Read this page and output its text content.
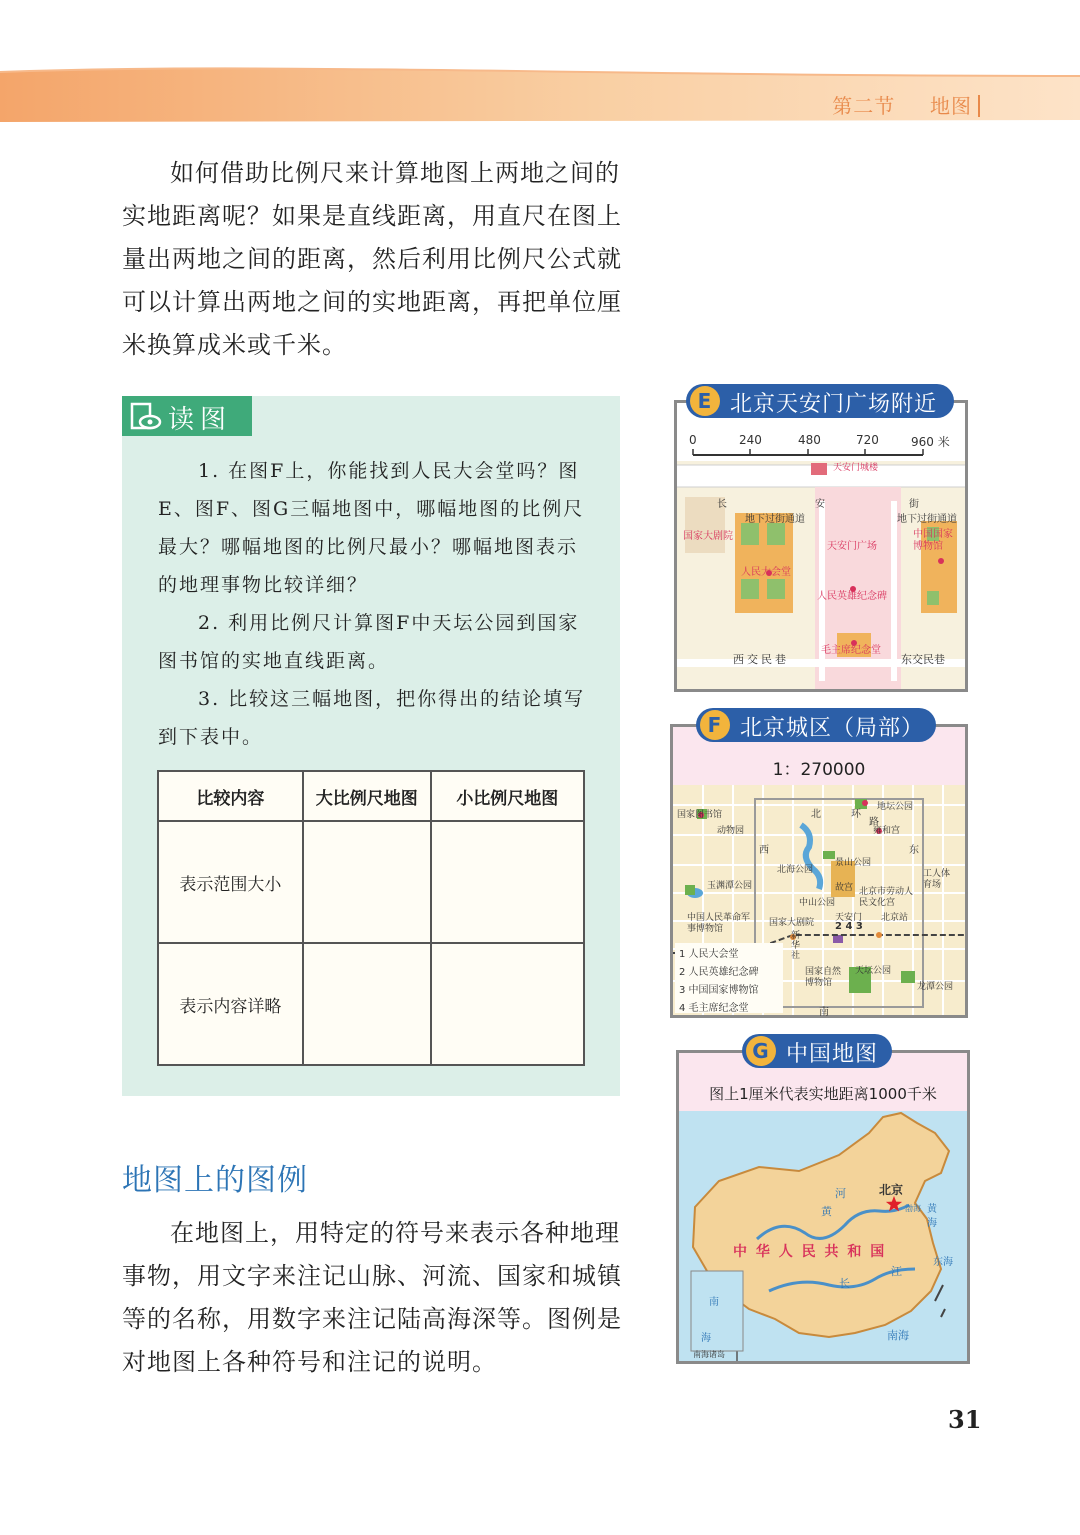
第二节 地图
如何借助比例尺来计算地图上两地之间的实地距离呢？如果是直线距离，用直尺在图上量出两地之间的距离，然后利用比例尺公式就可以计算出两地之间的实地距离，再把单位厘米换算成米或千米。
读图

1. 在图F上，你能找到人民大会堂吗？图E、图F、图G三幅地图中，哪幅地图的比例尺最大？哪幅地图的比例尺最小？哪幅地图表示的地理事物比较详细？

2. 利用比例尺计算图F中天坛公园到国家图书馆的实地直线距离。

3. 比较这三幅地图，把你得出的结论填写到下表中。

比较内容	大比例尺地图	小比例尺地图
表示范围大小		
表示内容详略		
地图上的图例
在地图上，用特定的符号来表示各种地理事物，用文字来注记山脉、河流、国家和城镇等的名称，用数字来注记陆高海深等。图例是对地图上各种符号和注记的说明。
0	240	480	720	960 米
天安门城楼
长	安	街
地下过街通道	地下过街通道
国家大剧院
天安门广场
人民大会堂
中国国家博物馆
人民英雄纪念碑
毛主席纪念堂
西交民巷	东交民巷
E 北京天安门广场附近
1：270000
国家图书馆
动物园
地坛公园
雍和宫
北	环
路
西	东
北海公园
景山公园
故宫
玉渊潭公园
中山公园
北京市劳动人民文化宫
工人体育场
中国人民革命军事博物馆
国家大剧院 天安门 北京站
2 4 3
新华社
1 人民大会堂
2 人民英雄纪念碑
3 中国国家博物馆
4 毛主席纪念堂
国家自然博物馆
天坛公园
龙潭公园
南
F 北京城区（局部）
图上1厘米代表实地距离1000千米
北京
黄
河
渤海 黄海
中 华 人 民 共 和 国
长
江
东海
南海
南
海
南海诸岛
G 中国地图
31
